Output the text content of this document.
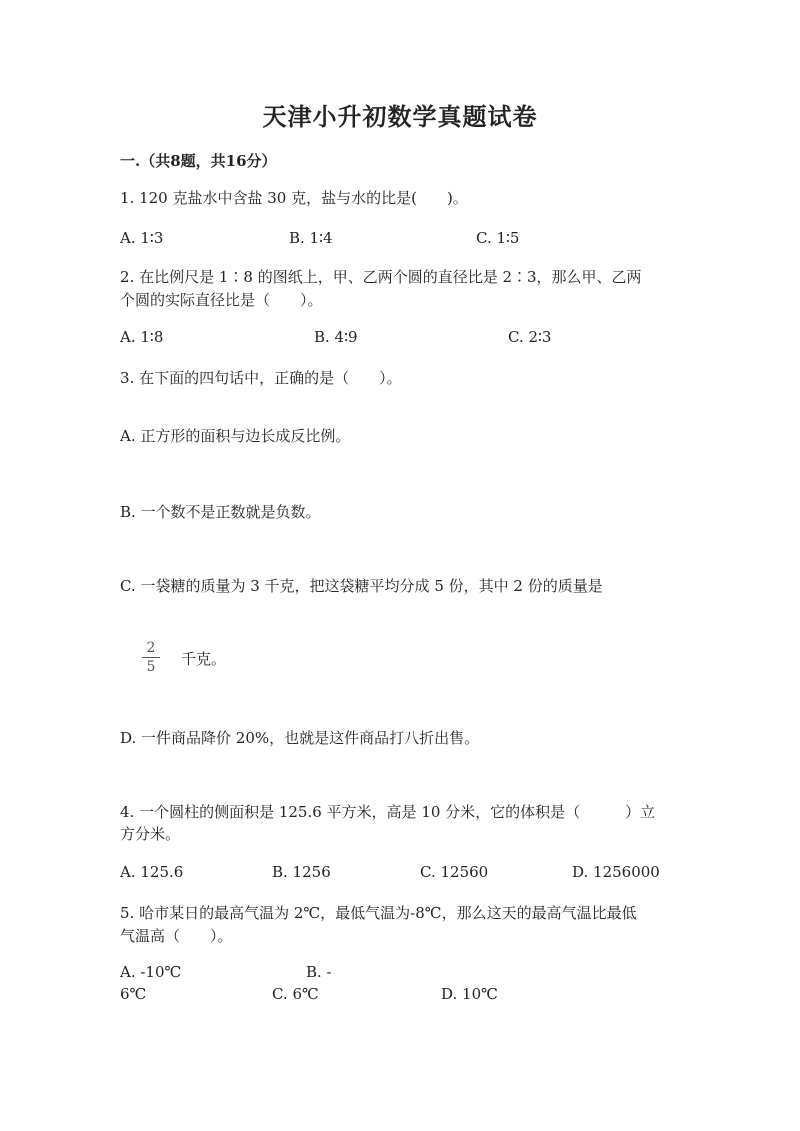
天津小升初数学真题试卷
一.（共8题，共16分）
1. 120 克盐水中含盐 30 克，盐与水的比是(　　)。
A. 1∶3	B. 1∶4	C. 1∶5
2. 在比例尺是 1∶8 的图纸上，甲、乙两个圆的直径比是 2∶3，那么甲、乙两
个圆的实际直径比是（　　）。
A. 1∶8	B. 4∶9	C. 2∶3
3. 在下面的四句话中，正确的是（　　）。
A. 正方形的面积与边长成反比例。
B. 一个数不是正数就是负数。
C. 一袋糖的质量为 3 千克，把这袋糖平均分成 5 份，其中 2 份的质量是
2
5	千克。
D. 一件商品降价 20%，也就是这件商品打八折出售。
4. 一个圆柱的侧面积是 125.6 平方米，高是 10 分米，它的体积是（　　　）立
方分米。
A. 125.6	B. 1256	C. 12560	D. 1256000
5. 哈市某日的最高气温为 2℃，最低气温为-8℃，那么这天的最高气温比最低
气温高（　　）。
A. -10℃	B. -
6℃	C. 6℃	D. 10℃
